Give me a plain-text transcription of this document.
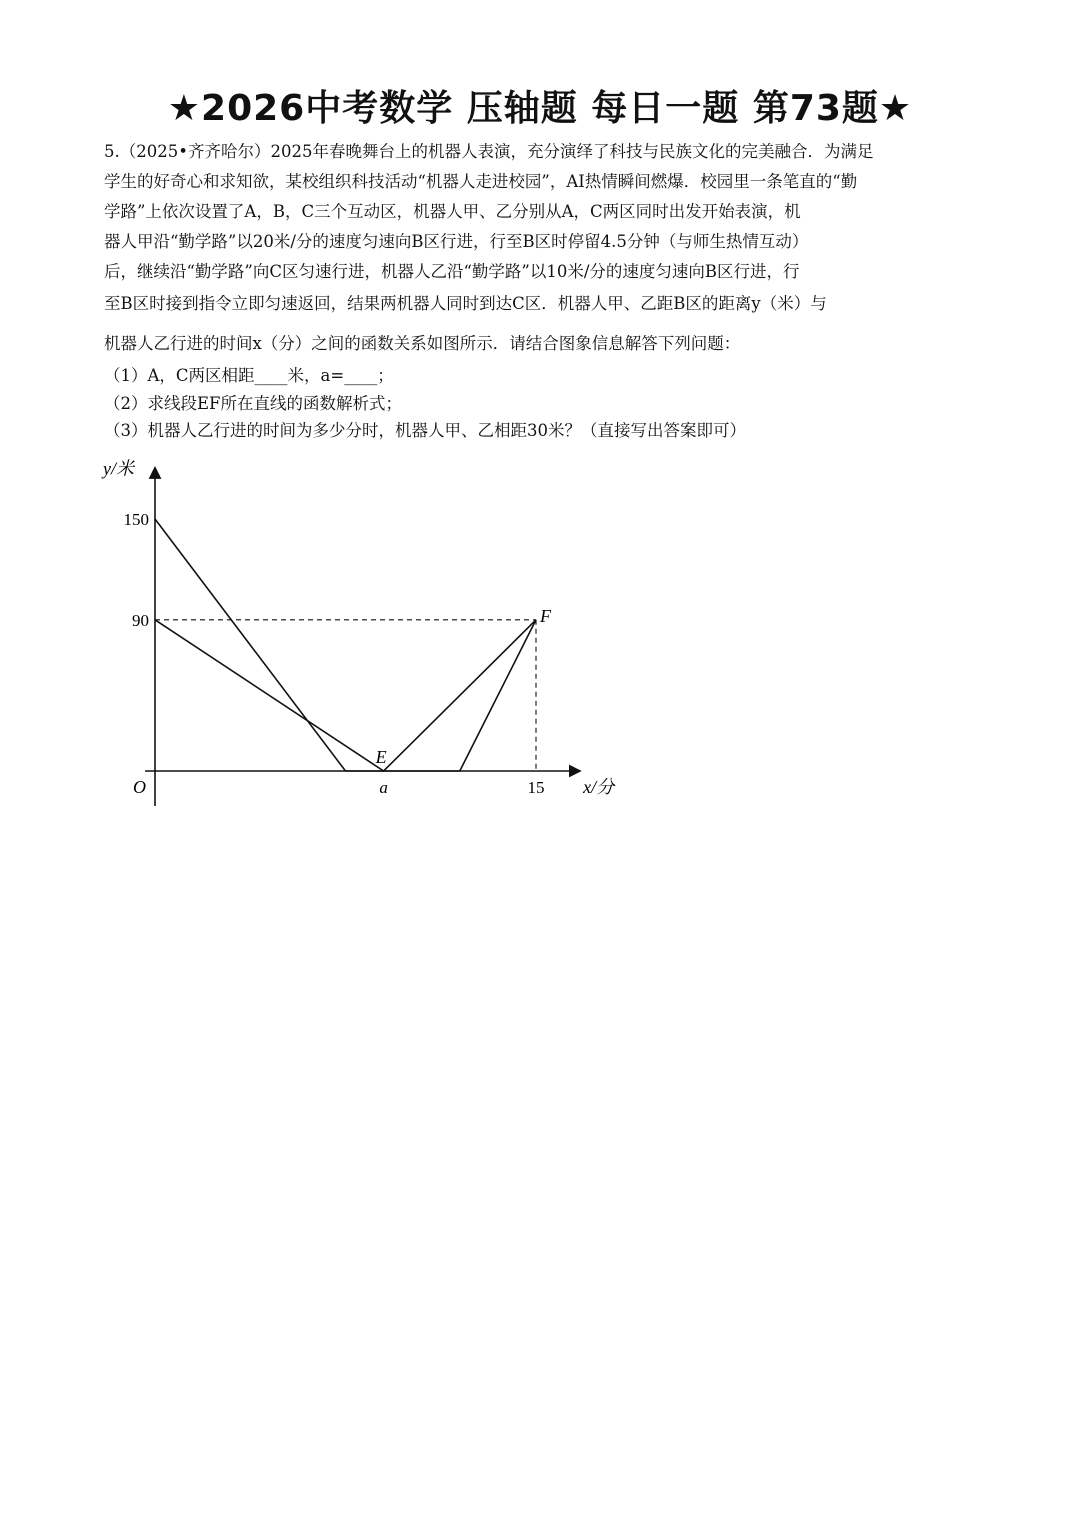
★2026中考数学 压轴题 每日一题 第73题★
5.（2025•齐齐哈尔）2025年春晚舞台上的机器人表演，充分演绎了科技与民族文化的完美融合．为满足
学生的好奇心和求知欲，某校组织科技活动“机器人走进校园”，AI热情瞬间燃爆．校园里一条笔直的“勤
学路”上依次设置了A，B，C三个互动区，机器人甲、乙分别从A，C两区同时出发开始表演，机
器人甲沿“勤学路”以20米/分的速度匀速向B区行进，行至B区时停留4.5分钟（与师生热情互动）
后，继续沿“勤学路”向C区匀速行进，机器人乙沿“勤学路”以10米/分的速度匀速向B区行进，行
至B区时接到指令立即匀速返回，结果两机器人同时到达C区．机器人甲、乙距B区的距离y（米）与
机器人乙行进的时间x（分）之间的函数关系如图所示．请结合图象信息解答下列问题：
（1）A，C两区相距____米，a=____；
（2）求线段EF所在直线的函数解析式；
（3）机器人乙行进的时间为多少分时，机器人甲、乙相距30米？（直接写出答案即可）
y/米
x/分
O
90
150
a	15
E
F
